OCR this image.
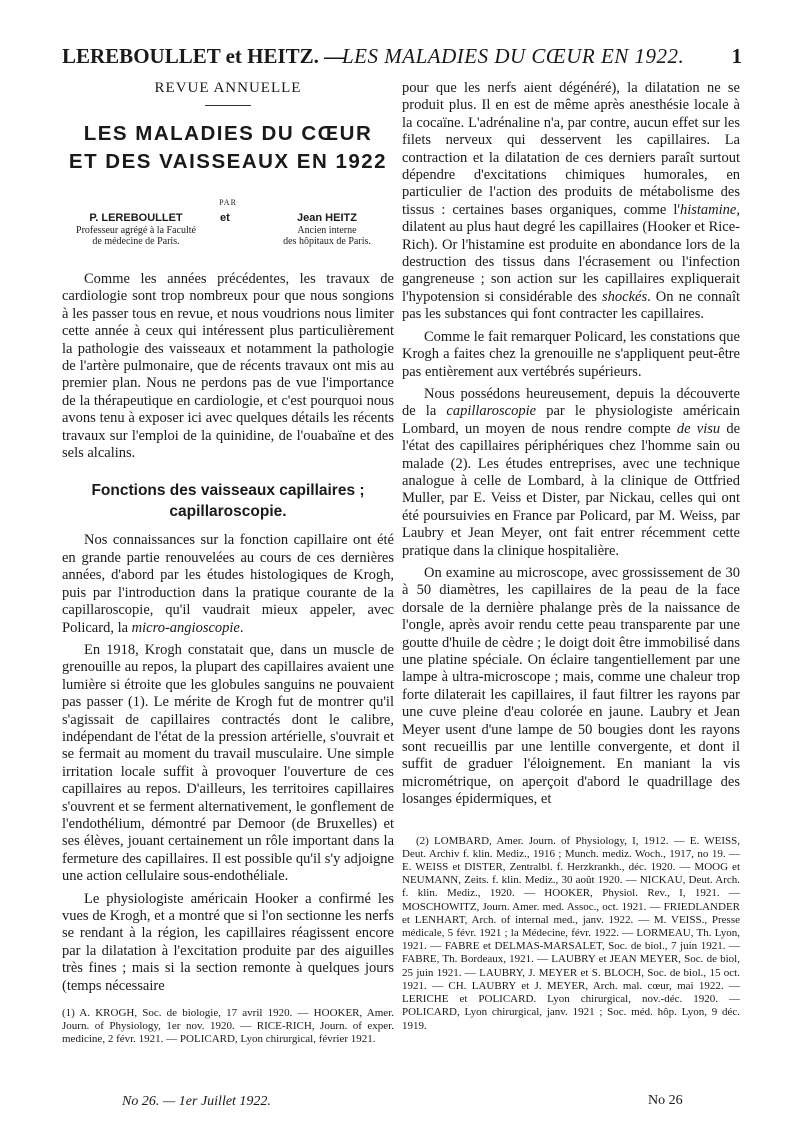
LEREBOULLET et HEITZ. —
LES MALADIES DU CŒUR EN 1922. 1

REVUE ANNUELLE

LES MALADIES DU CŒUR
ET DES VAISSEAUX EN 1922

PAR

P. LEREBOULLET
Professeur agrégé à la Faculté
de médecine de Paris.
et	Jean HEITZ
Ancien interne
des hôpitaux de Paris.

Comme les années précédentes, les travaux de cardiologie sont trop nombreux pour que nous songions à les passer tous en revue, et nous voudrions nous limiter cette année à ceux qui intéressent plus particulièrement la pathologie des vaisseaux et notamment la pathologie de l'artère pulmonaire, que de récents travaux ont mis au premier plan. Nous ne perdons pas de vue l'importance de la thérapeutique en cardiologie, et c'est pourquoi nous avons tenu à exposer ici avec quelques détails les récents travaux sur l'emploi de la quinidine, de l'ouabaïne et des sels alcalins.

Fonctions des vaisseaux capillaires ;
capillaroscopie.

Nos connaissances sur la fonction capillaire ont été en grande partie renouvelées au cours de ces dernières années, d'abord par les études histologiques de Krogh, puis par l'introduction dans la pratique courante de la capillaroscopie, qu'il vaudrait mieux appeler, avec Policard, la micro-angioscopie.

En 1918, Krogh constatait que, dans un muscle de grenouille au repos, la plupart des capillaires avaient une lumière si étroite que les globules sanguins ne pouvaient pas passer (1). Le mérite de Krogh fut de montrer qu'il s'agissait de capillaires contractés dont le calibre, indépendant de l'état de la pression artérielle, s'ouvrait et se fermait au moment du travail musculaire. Une simple irritation locale suffit à provoquer l'ouverture de ces capillaires au repos. D'ailleurs, les territoires capillaires s'ouvrent et se ferment alternativement, le gonflement de l'endothélium, démontré par Demoor (de Bruxelles) et ses élèves, jouant certainement un rôle important dans la fermeture des capillaires. Il est possible qu'il s'y adjoigne une action cellulaire sous-endothéliale.

Le physiologiste américain Hooker a confirmé les vues de Krogh, et a montré que si l'on sectionne les nerfs se rendant à la région, les capillaires réagissent encore par la dilatation à l'excitation produite par des aiguilles très fines ; mais si la section remonte à quelques jours (temps nécessaire

(1) A. KROGH, Soc. de biologie, 17 avril 1920. — HOOKER, Amer. Journ. of Physiology, 1er nov. 1920. — RICE-RICH, Journ. of exper. medicine, 2 févr. 1921. — POLICARD, Lyon chirurgical, février 1921.

pour que les nerfs aient dégénéré), la dilatation ne se produit plus. Il en est de même après anesthésie locale à la cocaïne. L'adrénaline n'a, par contre, aucun effet sur les filets nerveux qui desservent les capillaires. La contraction et la dilatation de ces derniers paraît surtout dépendre d'excitations chimiques humorales, en particulier de l'action des produits de métabolisme des tissus : certaines bases organiques, comme l'histamine, dilatent au plus haut degré les capillaires (Hooker et Rice-Rich). Or l'histamine est produite en abondance lors de la destruction des tissus dans l'écrasement ou l'infection gangreneuse ; son action sur les capillaires expliquerait l'hypotension si considérable des shockés. On ne connaît pas les substances qui font contracter les capillaires.

Comme le fait remarquer Policard, les constations que Krogh a faites chez la grenouille ne s'appliquent peut-être pas entièrement aux vertébrés supérieurs.

Nous possédons heureusement, depuis la découverte de la capillaroscopie par le physiologiste américain Lombard, un moyen de nous rendre compte de visu de l'état des capillaires périphériques chez l'homme sain ou malade (2). Les études entreprises, avec une technique analogue à celle de Lombard, à la clinique de Ottfried Muller, par E. Veiss et Dister, par Nickau, celles qui ont été poursuivies en France par Policard, par M. Weiss, par Laubry et Jean Meyer, ont fait entrer récemment cette pratique dans la clinique hospitalière.

On examine au microscope, avec grossissement de 30 à 50 diamètres, les capillaires de la peau de la face dorsale de la dernière phalange près de la naissance de l'ongle, après avoir rendu cette peau transparente par une goutte d'huile de cèdre ; le doigt doit être immobilisé dans une platine spéciale. On éclaire tangentiellement par une lampe à ultra-microscope ; mais, comme une chaleur trop forte dilaterait les capillaires, il faut filtrer les rayons par une cuve pleine d'eau colorée en jaune. Laubry et Jean Meyer usent d'une lampe de 50 bougies dont les rayons sont recueillis par une lentille convergente, et dont il suffit de graduer l'éloignement. En maniant la vis micrométrique, on aperçoit d'abord le quadrillage des losanges épidermiques, et

(2) LOMBARD, Amer. Journ. of Physiology, I, 1912. — E. WEISS, Deut. Archiv f. klin. Mediz., 1916 ; Munch. mediz. Woch., 1917, no 19. — E. WEISS et DISTER, Zentralbl. f. Herzkrankh., déc. 1920. — MOOG et NEUMANN, Zeits. f. klin. Mediz., 30 août 1920. — NICKAU, Deut. Arch. f. klin. Mediz., 1920. — HOOKER, Physiol. Rev., I, 1921. — MOSCHOWITZ, Journ. Amer. med. Assoc., oct. 1921. — FRIEDLANDER et LENHART, Arch. of internal med., janv. 1922. — M. VEISS., Presse médicale, 5 févr. 1921 ; la Médecine, févr. 1922. — LORMEAU, Th. Lyon, 1921. — FABRE et DELMAS-MARSALET, Soc. de biol., 7 juin 1921. — FABRE, Th. Bordeaux, 1921. — LAUBRY et JEAN MEYER, Soc. de biol, 25 juin 1921. — LAUBRY, J. MEYER et S. BLOCH, Soc. de biol., 15 oct. 1921. — CH. LAUBRY et J. MEYER, Arch. mal. cœur, mai 1922. — LERICHE et POLICARD. Lyon chirurgical, nov.-déc. 1920. — POLICARD, Lyon chirurgical, janv. 1921 ; Soc. méd. hôp. Lyon, 9 déc. 1919.

No 26. — 1er Juillet 1922.	No 26
